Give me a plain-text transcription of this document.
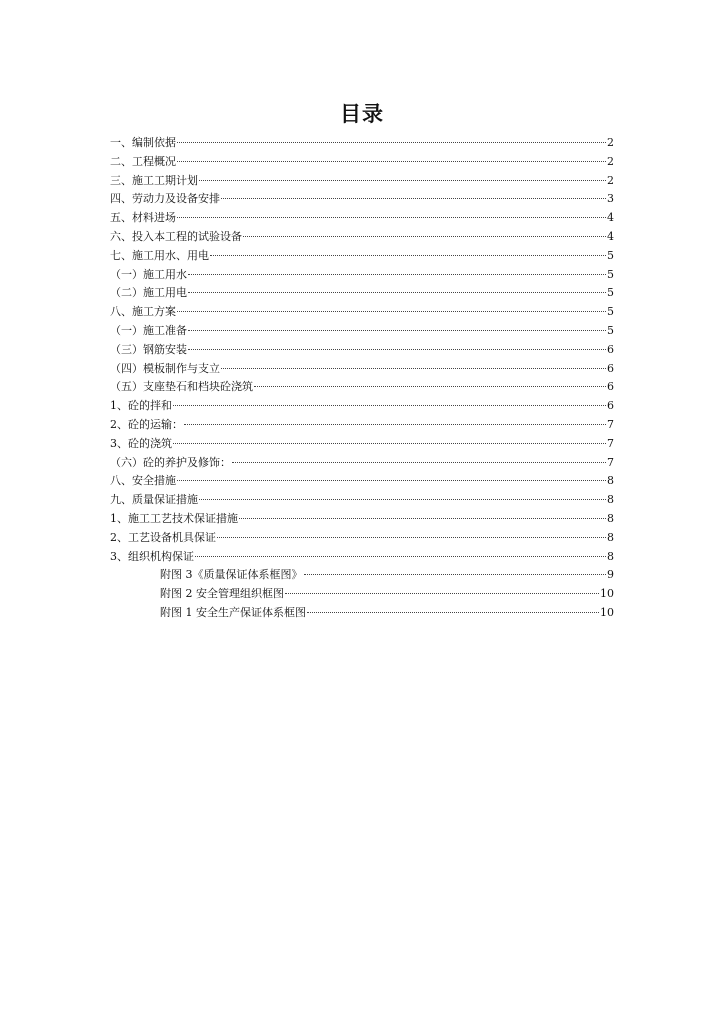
目录
一、编制依据	2
二、工程概况	2
三、施工工期计划	2
四、劳动力及设备安排	3
五、材料进场	4
六、投入本工程的试验设备	4
七、施工用水、用电	5
（一）施工用水	5
（二）施工用电	5
八、施工方案	5
（一）施工准备	5
（三）钢筋安装	6
（四）模板制作与支立	6
（五）支座垫石和档块砼浇筑	6
1、砼的拌和	6
2、砼的运输：	7
3、砼的浇筑	7
（六）砼的养护及修饰：	7
八、安全措施	8
九、质量保证措施	8
1、施工工艺技术保证措施	8
2、工艺设备机具保证	8
3、组织机构保证	8
附图 3《质量保证体系框图》	9
附图 2 安全管理组织框图	10
附图 1 安全生产保证体系框图	10
